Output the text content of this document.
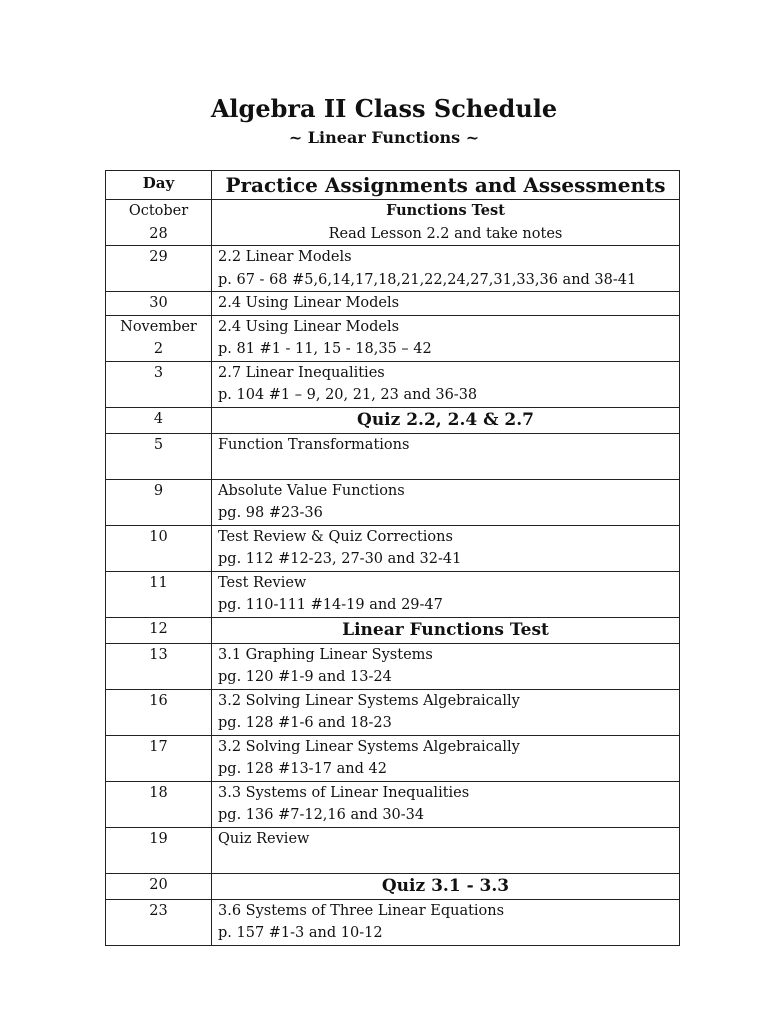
Algebra II Class Schedule
~ Linear Functions ~
Day	Practice Assignments and Assessments

October
28	Functions Test
Read Lesson 2.2 and take notes

29	2.2 Linear Models
p. 67 - 68 #5,6,14,17,18,21,22,24,27,31,33,36 and 38-41

30	2.4 Using Linear Models

November
2	2.4 Using Linear Models
p. 81 #1 - 11, 15 - 18,35 – 42

3	2.7 Linear Inequalities
p. 104 #1 – 9, 20, 21, 23 and 36-38

4	Quiz 2.2, 2.4 & 2.7

5	Function Transformations

9	Absolute Value Functions
pg. 98 #23-36

10	Test Review & Quiz Corrections
pg. 112 #12-23, 27-30 and 32-41

11	Test Review
pg. 110-111 #14-19 and 29-47

12	Linear Functions Test

13	3.1 Graphing Linear Systems
pg. 120 #1-9 and 13-24

16	3.2 Solving Linear Systems Algebraically
pg. 128 #1-6 and 18-23

17	3.2 Solving Linear Systems Algebraically
pg. 128 #13-17 and 42

18	3.3 Systems of Linear Inequalities
pg. 136 #7-12,16 and 30-34

19	Quiz Review

20	Quiz 3.1 - 3.3

23	3.6 Systems of Three Linear Equations
p. 157 #1-3 and 10-12
